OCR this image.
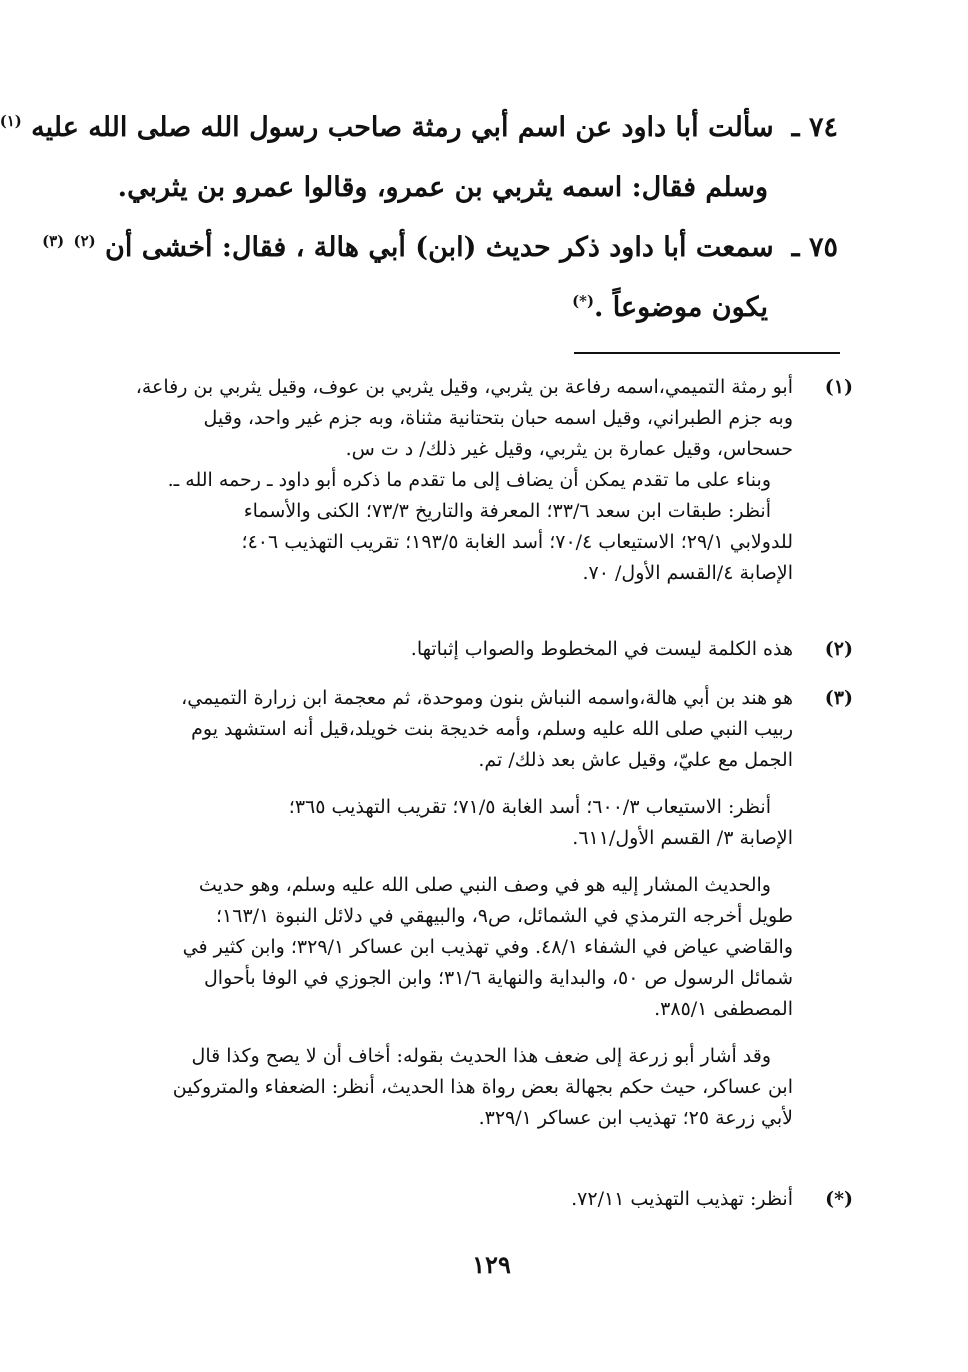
٧٤ ـسألت أبا داود عن اسم أبي رمثة صاحب رسول الله صلى الله عليه $^{(١)}$
وسلم فقال: اسمه يثربي بن عمرو، وقالوا عمرو بن يثربي.
٧٥ ـسمعت أبا داود ذكر حديث (ابن) أبي هالة ، فقال: أخشى أن $^{(٢)}$ $^{(٣)}$
يكون موضوعاً .(*)
(١)
أبو رمثة التميمي،اسمه رفاعة بن يثربي، وقيل يثربي بن عوف، وقيل يثربي بن رفاعة،
وبه جزم الطبراني، وقيل اسمه حبان بتحتانية مثناة، وبه جزم غير واحد، وقيل
حسحاس، وقيل عمارة بن يثربي، وقيل غير ذلك/ د ت س.
وبناء على ما تقدم يمكن أن يضاف إلى ما تقدم ما ذكره أبو داود ـ رحمه الله ـ.
أنظر: طبقات ابن سعد ٣٣/٦؛ المعرفة والتاريخ ٧٣/٣؛ الكنى والأسماء
للدولابي ٢٩/١؛ الاستيعاب ٧٠/٤؛ أسد الغابة ١٩٣/٥؛ تقريب التهذيب ٤٠٦؛
الإصابة ٤/القسم الأول/ ٧٠.
(٢)
هذه الكلمة ليست في المخطوط والصواب إثباتها.
(٣)
هو هند بن أبي هالة،واسمه النباش بنون وموحدة، ثم معجمة ابن زرارة التميمي،
ربيب النبي صلى الله عليه وسلم، وأمه خديجة بنت خويلد،قيل أنه استشهد يوم
الجمل مع عليّ، وقيل عاش بعد ذلك/ تم.
أنظر: الاستيعاب ٦٠٠/٣؛ أسد الغابة ٧١/٥؛ تقريب التهذيب ٣٦٥؛
الإصابة ٣/ القسم الأول/٦١١.
والحديث المشار إليه هو في وصف النبي صلى الله عليه وسلم، وهو حديث
طويل أخرجه الترمذي في الشمائل، ص٩، والبيهقي في دلائل النبوة ١٦٣/١؛
والقاضي عياض في الشفاء ٤٨/١. وفي تهذيب ابن عساكر ٣٢٩/١؛ وابن كثير في
شمائل الرسول ص ٥٠، والبداية والنهاية ٣١/٦؛ وابن الجوزي في الوفا بأحوال
المصطفى ٣٨٥/١.
وقد أشار أبو زرعة إلى ضعف هذا الحديث بقوله: أخاف أن لا يصح وكذا قال
ابن عساكر، حيث حكم بجهالة بعض رواة هذا الحديث، أنظر: الضعفاء والمتروكين
لأبي زرعة ٢٥؛ تهذيب ابن عساكر ٣٢٩/١.
(*)
أنظر: تهذيب التهذيب ٧٢/١١.
١٢٩
